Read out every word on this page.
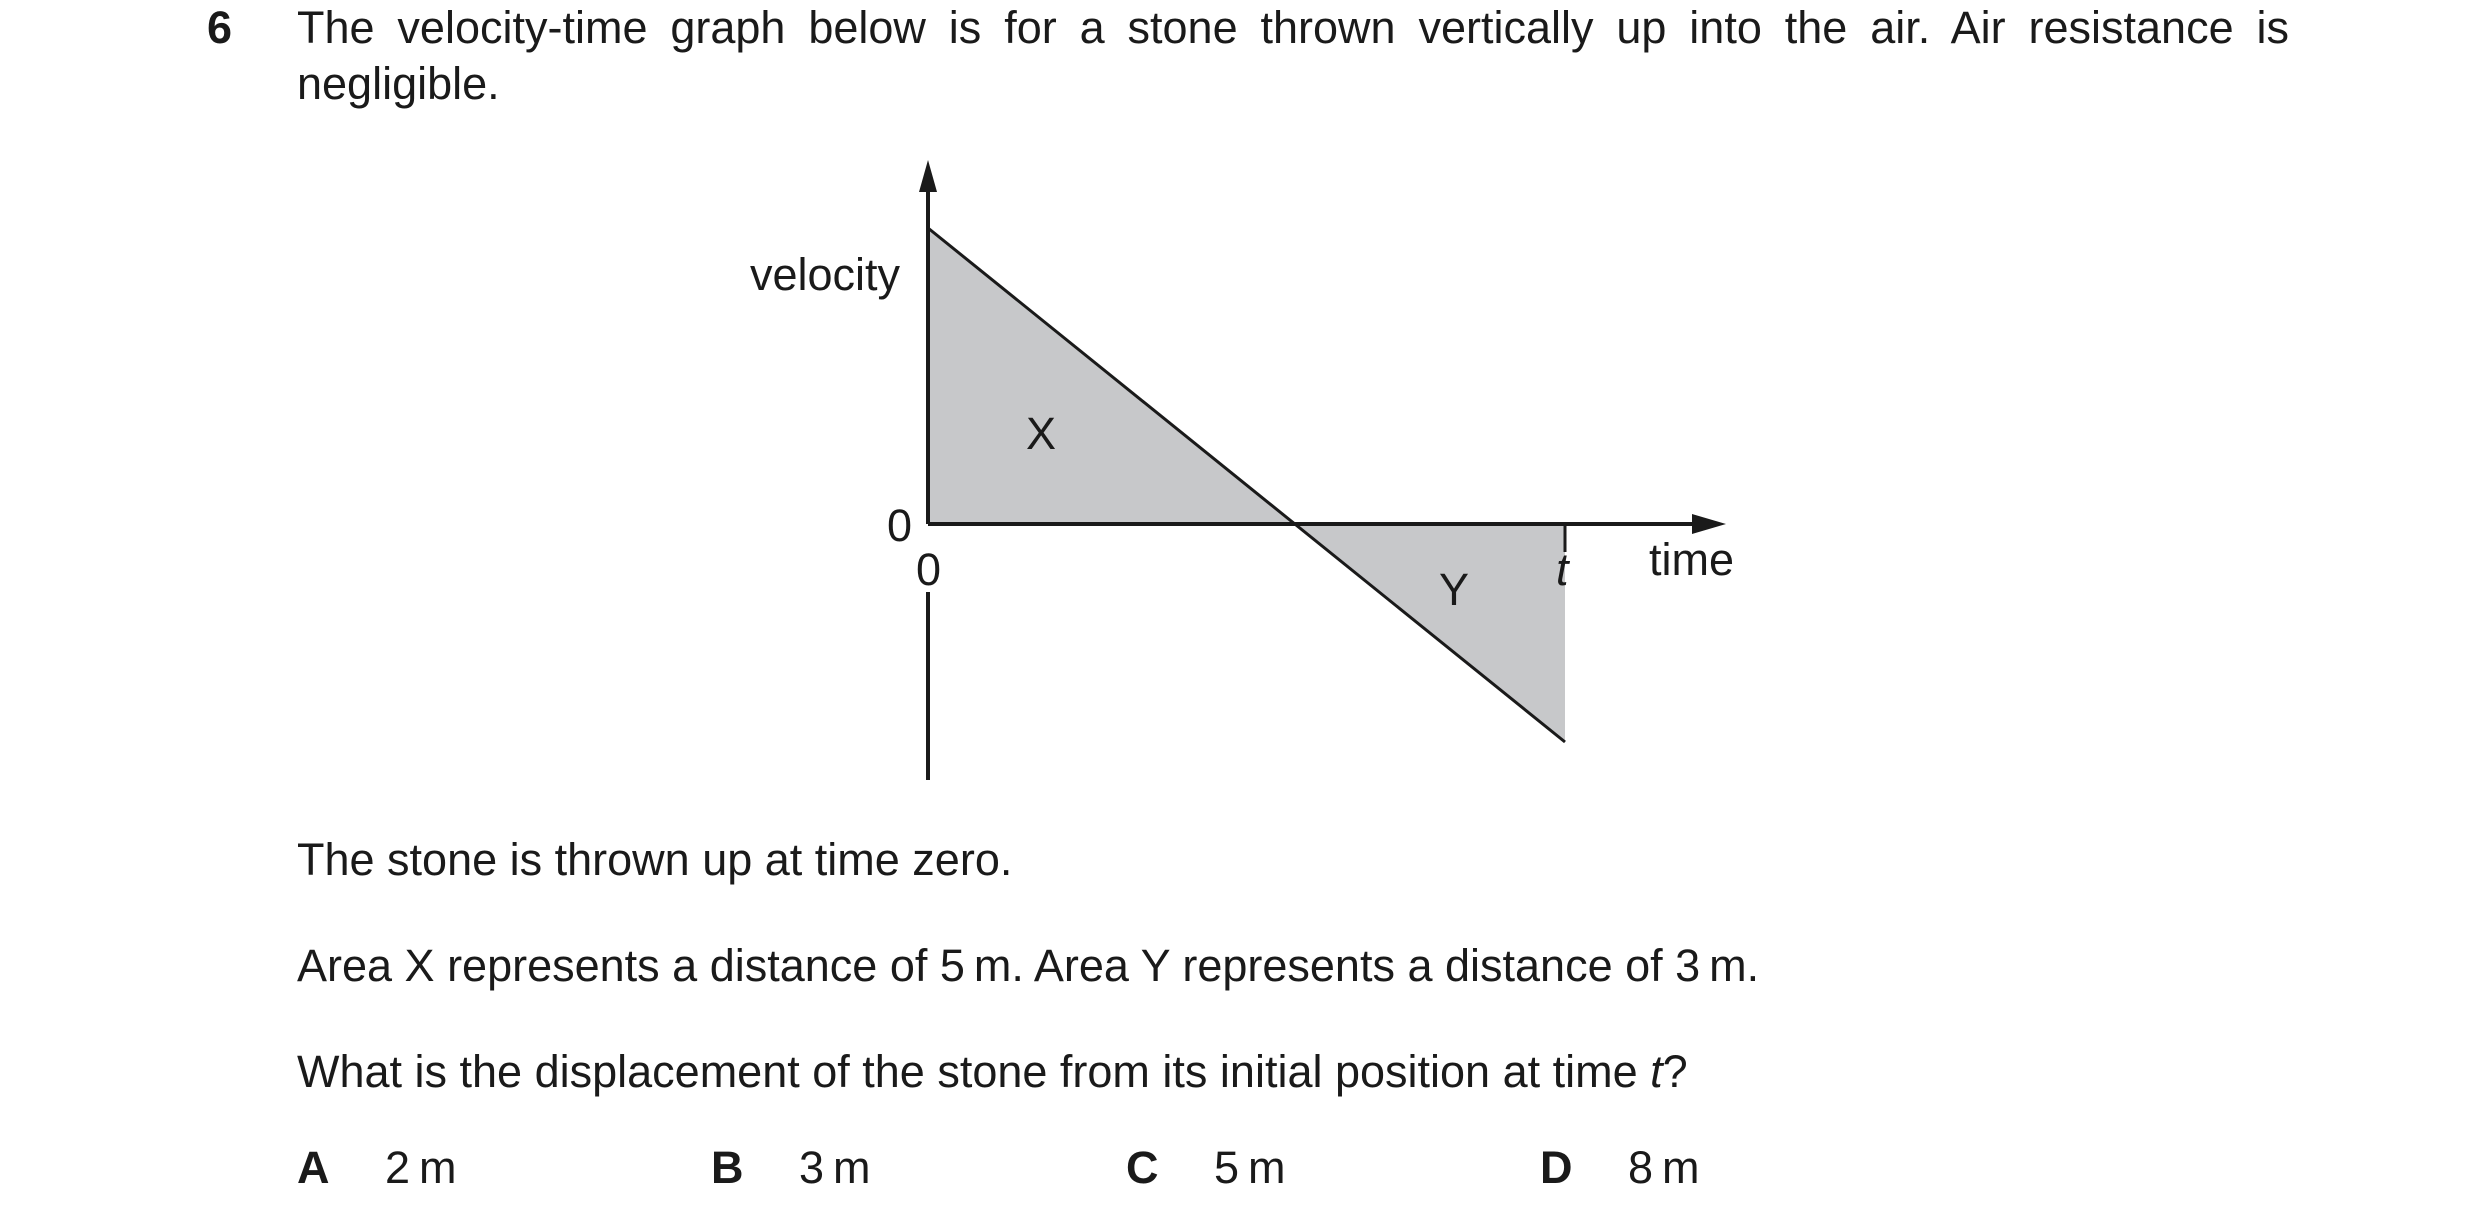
6 The velocity-time graph below is for a stone thrown vertically up into the air. Air resistance is negligible.
velocity
time
0
0	t
X
Y
The stone is thrown up at time zero.
Area X represents a distance of 5 m. Area Y represents a distance of 3 m.
What is the displacement of the stone from its initial position at time t?
A 2 m	B 3 m	C 5 m	D 8 m
